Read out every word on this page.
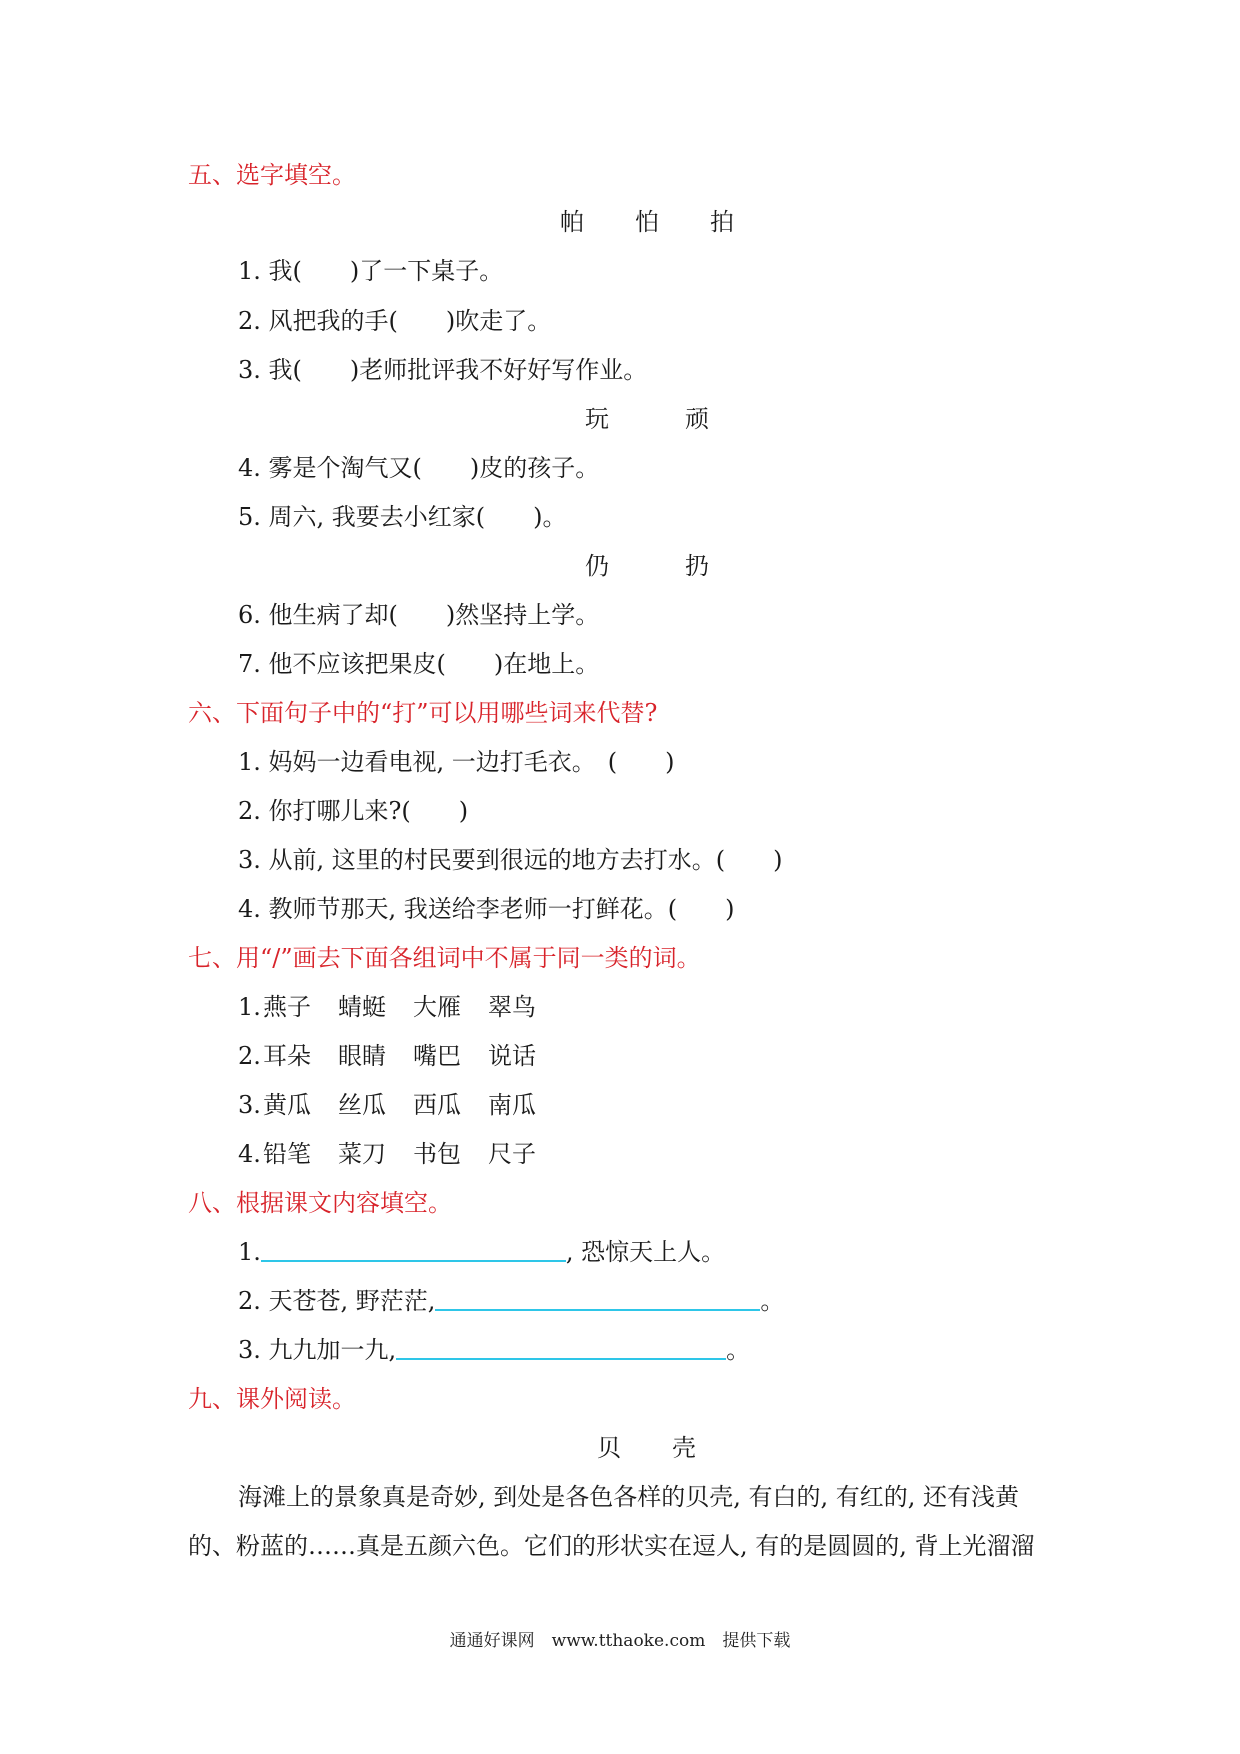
五、选字填空。
帕 怕 拍
1. 我(　　)了一下桌子。
2. 风把我的手(　　)吹走了。
3. 我(　　)老师批评我不好好写作业。
玩	顽
4. 雾是个淘气又(　　)皮的孩子。
5. 周六, 我要去小红家(　　)。
仍	扔
6. 他生病了却(　　)然坚持上学。
7. 他不应该把果皮(　　)在地上。
六、下面句子中的“打”可以用哪些词来代替?
1. 妈妈一边看电视, 一边打毛衣。　(　　)
2. 你打哪儿来?(　　)
3. 从前, 这里的村民要到很远的地方去打水。(　　)
4. 教师节那天, 我送给李老师一打鲜花。(　　)
七、用“/”画去下面各组词中不属于同一类的词。
1. 燕子 蜻蜓 大雁 翠鸟
2. 耳朵 眼睛 嘴巴 说话
3. 黄瓜 丝瓜 西瓜 南瓜
4. 铅笔 菜刀 书包 尺子
八、根据课文内容填空。
1.	, 恐惊天上人。
2. 天苍苍, 野茫茫,	。
3. 九九加一九,	。
九、课外阅读。
贝 壳
海滩上的景象真是奇妙, 到处是各色各样的贝壳, 有白的, 有红的, 还有浅黄
的、粉蓝的……真是五颜六色。它们的形状实在逗人, 有的是圆圆的, 背上光溜溜
通通好课网　www.tthaoke.com　提供下载
